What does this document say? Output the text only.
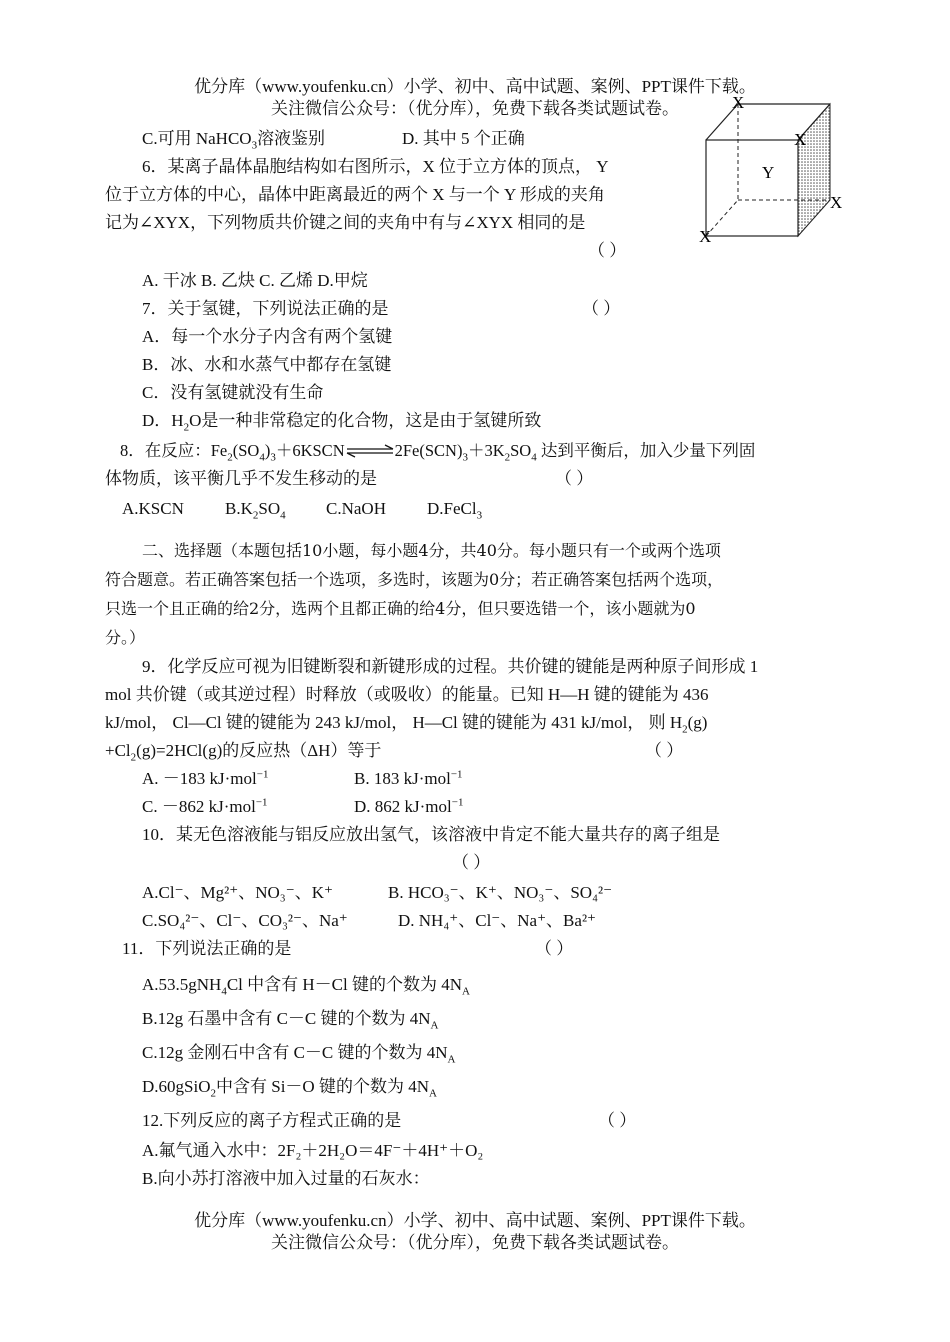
优分库（www.youfenku.cn）小学、初中、高中试题、案例、PPT课件下载。
关注微信公众号：（优分库），免费下载各类试题试卷。	X
X
Y
X
X
C.可用 NaHCO$_3$溶液鉴别	D. 其中 5 个正确
6．某离子晶体晶胞结构如右图所示，X 位于立方体的顶点， Y
位于立方体的中心，晶体中距离最近的两个 X 与一个 Y 形成的夹角
记为∠XYX，下列物质共价键之间的夹角中有与∠XYX 相同的是
（ ）
A. 干冰 B. 乙炔 C. 乙烯 D.甲烷
7．关于氢键，下列说法正确的是	（ ）
A．每一个水分子内含有两个氢键
B．冰、水和水蒸气中都存在氢键
C．没有氢键就没有生命
D．$H_2O$是一种非常稳定的化合物，这是由于氢键所致
8．在反应：$Fe_2(SO_4)_3+6KSCN\rightleftharpoons 2Fe(SCN)_3+3K_2SO_4$ 达到平衡后，加入少量下列固
体物质，该平衡几乎不发生移动的是	（ ）
A.KSCN $B.K_2SO_4$ C.NaOH D.FeCl$_3$
二、选择题（本题包括10小题，每小题4分，共40分。每小题只有一个或两个选项
符合题意。若正确答案包括一个选项，多选时，该题为0分；若正确答案包括两个选项，
只选一个且正确的给2分，选两个且都正确的给4分，但只要选错一个，该小题就为0
分。）
9．化学反应可视为旧键断裂和新键形成的过程。共价键的键能是两种原子间形成 1
mol 共价键（或其逆过程）时释放（或吸收）的能量。已知 H—H 键的键能为 436
kJ/mol， Cl—Cl 键的键能为 243 kJ/mol， H—Cl 键的键能为 431 kJ/mol， 则 $H_2(g)$
$+Cl_2(g)=2HCl(g)$的反应热（ΔH）等于	（ ）
A. －183 kJ·mol$^{-1}$	B. 183 kJ·mol$^{-1}$
C. －862 kJ·mol$^{-1}$	D. 862 kJ·mol$^{-1}$
10．某无色溶液能与铝反应放出氢气，该溶液中肯定不能大量共存的离子组是
（ ）
A.Cl⁻、Mg²⁺、NO₃⁻、K⁺	B. HCO₃⁻、K⁺、NO₃⁻、SO₄²⁻
C.SO₄²⁻、Cl⁻、CO₃²⁻、Na⁺	D. NH₄⁺、Cl⁻、Na⁺、Ba²⁺
11．下列说法正确的是	（ ）
A.53.5gNH$_4$Cl 中含有 H－Cl 键的个数为 $4N_A$
B.12g 石墨中含有 C－C 键的个数为 $4N_A$
C.12g 金刚石中含有 C－C 键的个数为 $4N_A$
D.60gSiO$_2$中含有 Si－O 键的个数为 $4N_A$
12.下列反应的离子方程式正确的是	（ ）
A.氟气通入水中：2F₂＋2H₂O＝4F⁻＋4H⁺＋O₂
B.向小苏打溶液中加入过量的石灰水：
优分库（www.youfenku.cn）小学、初中、高中试题、案例、PPT课件下载。
关注微信公众号：（优分库），免费下载各类试题试卷。
